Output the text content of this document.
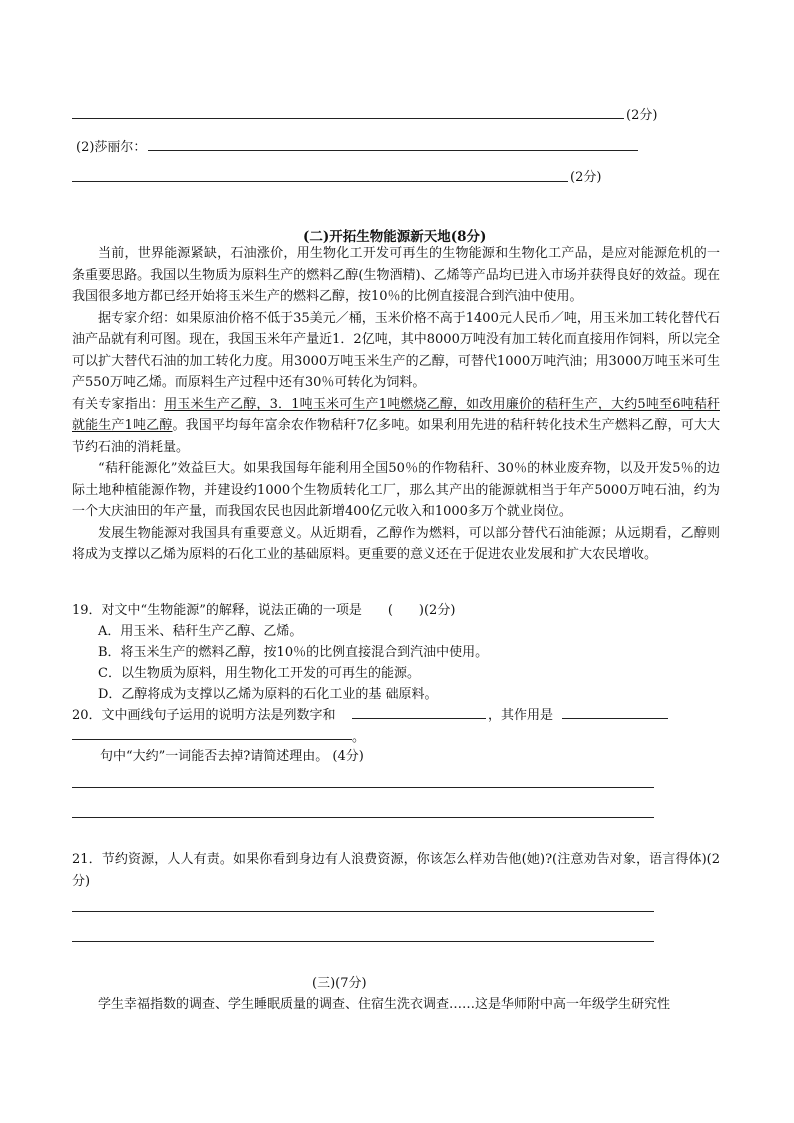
(2分)
(2)莎丽尔：
(2分)
(二)开拓生物能源新天地(8分)

当前，世界能源紧缺，石油涨价，用生物化工开发可再生的生物能源和生物化工产品，是应对能源危机的一条重要思路。我国以生物质为原料生产的燃料乙醇(生物酒精)、乙烯等产品均已进入市场并获得良好的效益。现在我国很多地方都已经开始将玉米生产的燃料乙醇，按10％的比例直接混合到汽油中使用。

据专家介绍：如果原油价格不低于35美元／桶，玉米价格不高于1400元人民币／吨，用玉米加工转化替代石油产品就有利可图。现在，我国玉米年产量近1．2亿吨，其中8000万吨没有加工转化而直接用作饲料，所以完全可以扩大替代石油的加工转化力度。用3000万吨玉米生产的乙醇，可替代1000万吨汽油；用3000万吨玉米可生产550万吨乙烯。而原料生产过程中还有30％可转化为饲料。

有关专家指出：用玉米生产乙醇，3．1吨玉米可生产1吨燃烧乙醇，如改用廉价的秸秆生产，大约5吨至6吨秸秆就能生产1吨乙醇。我国平均每年富余农作物秸秆7亿多吨。如果利用先进的秸秆转化技术生产燃料乙醇，可大大节约石油的消耗量。

“秸秆能源化”效益巨大。如果我国每年能利用全国50％的作物秸秆、30％的林业废弃物，以及开发5％的边际土地种植能源作物，并建设约1000个生物质转化工厂，那么其产出的能源就相当于年产5000万吨石油，约为一个大庆油田的年产量，而我国农民也因此新增400亿元收入和1000多万个就业岗位。

发展生物能源对我国具有重要意义。从近期看，乙醇作为燃料，可以部分替代石油能源；从远期看，乙醇则将成为支撑以乙烯为原料的石化工业的基础原料。更重要的意义还在于促进农业发展和扩大农民增收。

19．对文中“生物能源”的解释，说法正确的一项是　　(　　)(2分)
A．用玉米、秸秆生产乙醇、乙烯。
B．将玉米生产的燃料乙醇，按10％的比例直接混合到汽油中使用。
C．以生物质为原料，用生物化工开发的可再生的能源。
D．乙醇将成为支撑以乙烯为原料的石化工业的基 础原料。
20．文中画线句子运用的说明方法是列数字和	，其作用是
。
句中“大约”一词能否去掉?请简述理由。 (4分)
21．节约资源，人人有责。如果你看到身边有人浪费资源，你该怎么样劝告他(她)?(注意劝告对象，语言得体)(2分)
(三)(7分)
学生幸福指数的调查、学生睡眠质量的调查、住宿生洗衣调查……这是华师附中高一年级学生研究性
